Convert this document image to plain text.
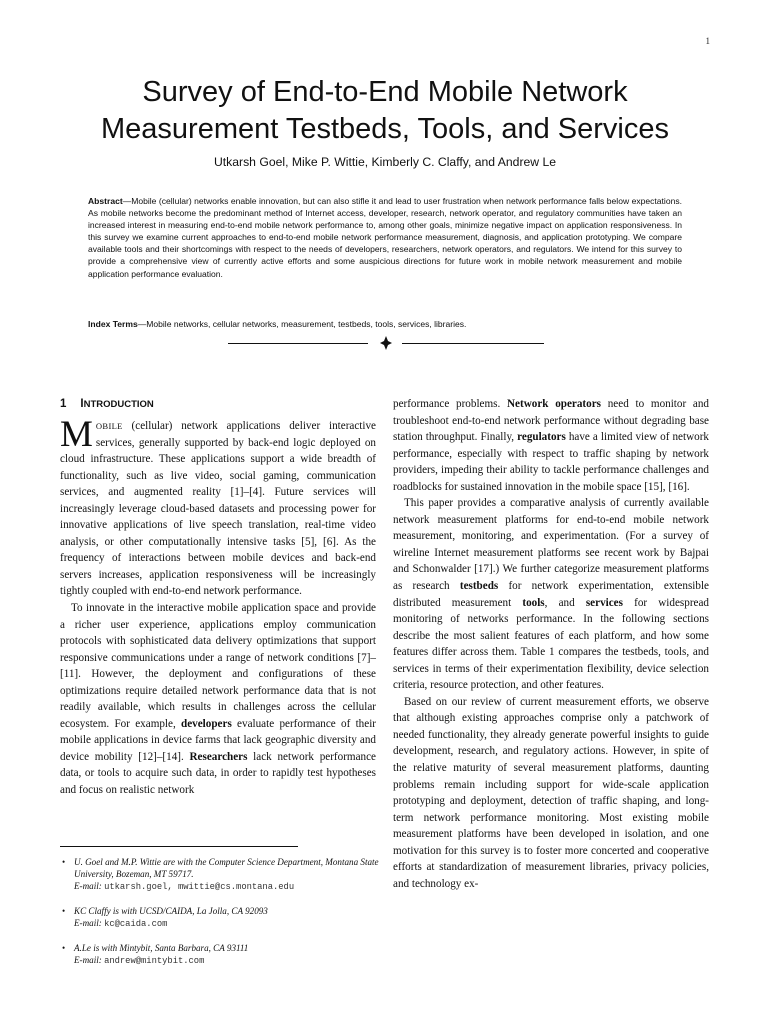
1
Survey of End-to-End Mobile Network
Measurement Testbeds, Tools, and Services
Utkarsh Goel, Mike P. Wittie, Kimberly C. Claffy, and Andrew Le

Abstract—Mobile (cellular) networks enable innovation, but can also stifle it and lead to user frustration when network performance falls below expectations. As mobile networks become the predominant method of Internet access, developer, research, network operator, and regulatory communities have taken an increased interest in measuring end-to-end mobile network performance to, among other goals, minimize negative impact on application responsiveness. In this survey we examine current approaches to end-to-end mobile network performance measurement, diagnosis, and application prototyping. We compare available tools and their shortcomings with respect to the needs of developers, researchers, network operators, and regulators. We intend for this survey to provide a comprehensive view of currently active efforts and some auspicious directions for future work in mobile network measurement and mobile application performance evaluation.

Index Terms—Mobile networks, cellular networks, measurement, testbeds, tools, services, libraries.

1 INTRODUCTION

MOBILE (cellular) network applications deliver interactive services, generally supported by back-end logic deployed on cloud infrastructure. These applications support a wide breadth of functionality, such as live video, social gaming, communication services, and augmented reality [1]–[4]. Future services will increasingly leverage cloud-based datasets and processing power for innovative applications of live speech translation, real-time video analysis, or other computationally intensive tasks [5], [6]. As the frequency of interactions between mobile devices and back-end servers increases, application responsiveness will be increasingly tightly coupled with end-to-end network performance.

To innovate in the interactive mobile application space and provide a richer user experience, applications employ communication protocols with sophisticated data delivery optimizations that support responsive communications under a range of network conditions [7]–[11]. However, the deployment and configurations of these optimizations require detailed network performance data that is not readily available, which results in challenges across the cellular ecosystem. For example, developers evaluate performance of their mobile applications in device farms that lack geographic diversity and device mobility [12]–[14]. Researchers lack network performance data, or tools to acquire such data, in order to rapidly test hypotheses and focus on realistic network

performance problems. Network operators need to monitor and troubleshoot end-to-end network performance without degrading base station throughput. Finally, regulators have a limited view of network performance, especially with respect to traffic shaping by network providers, impeding their ability to tackle performance challenges and roadblocks for sustained innovation in the mobile space [15], [16].

This paper provides a comparative analysis of currently available network measurement platforms for end-to-end mobile network measurement, monitoring, and experimentation. (For a survey of wireline Internet measurement platforms see recent work by Bajpai and Schonwalder [17].) We further categorize measurement platforms as research testbeds for network experimentation, extensible distributed measurement tools, and services for widespread monitoring of networks performance. In the following sections describe the most salient features of each platform, and how some features differ across them. Table 1 compares the testbeds, tools, and services in terms of their experimentation flexibility, device selection criteria, resource protection, and other features.

Based on our review of current measurement efforts, we observe that although existing approaches comprise only a patchwork of needed functionality, they already generate powerful insights to guide development, research, and regulatory actions. However, in spite of the relative maturity of several measurement platforms, daunting problems remain including support for wide-scale application prototyping and deployment, detection of traffic shaping, and long-term network performance monitoring. Most existing mobile measurement platforms have been developed in isolation, and one motivation for this survey is to foster more concerted and cooperative efforts at standardization of measurement libraries, privacy policies, and technology ex-

• U. Goel and M.P. Wittie are with the Computer Science Department, Montana State University, Bozeman, MT 59717.
E-mail: utkarsh.goel, mwittie@cs.montana.edu
• KC Claffy is with UCSD/CAIDA, La Jolla, CA 92093
E-mail: kc@caida.com
• A.Le is with Mintybit, Santa Barbara, CA 93111
E-mail: andrew@mintybit.com
